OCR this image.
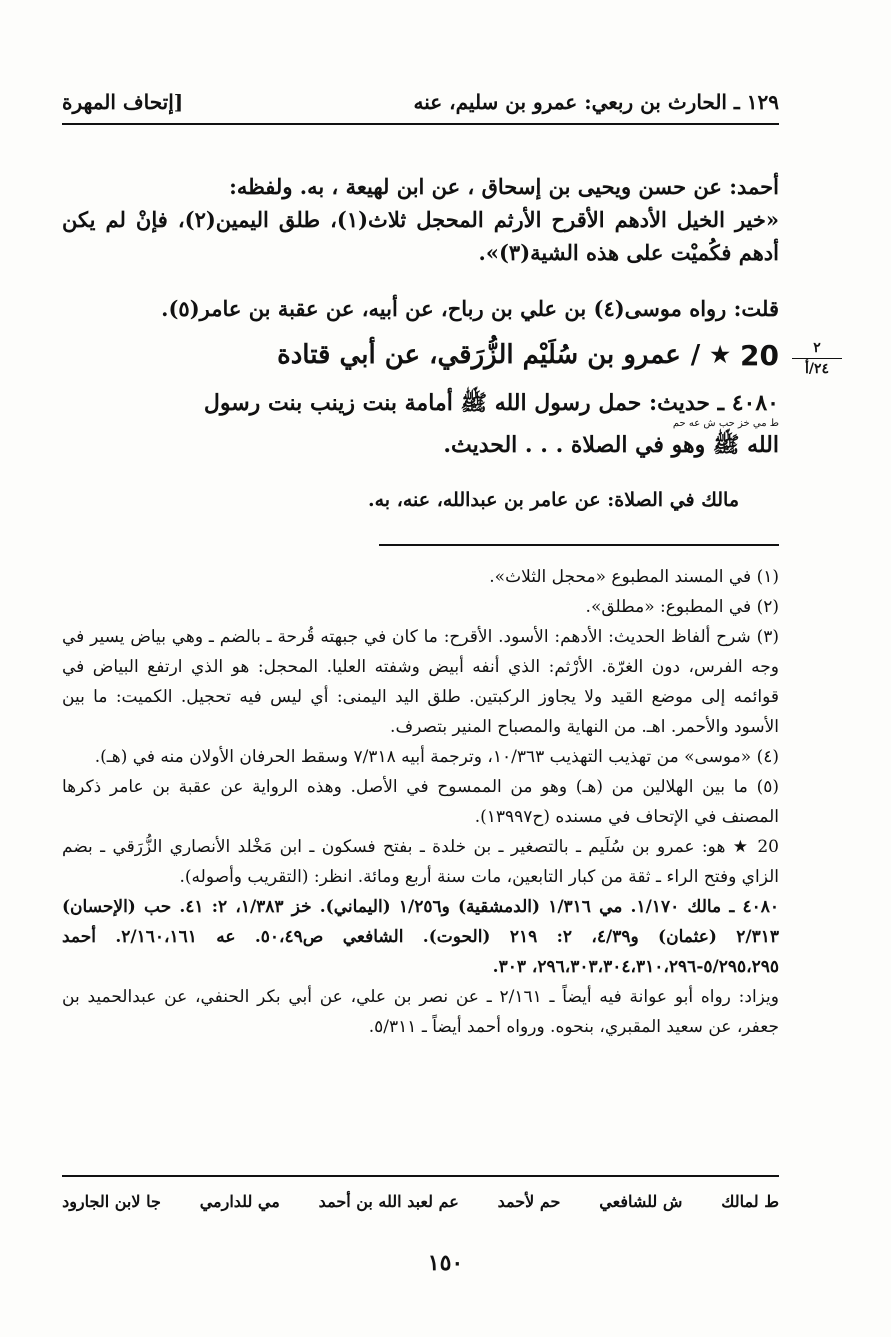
١٢٩ ـ الحارث بن ربعي: عمرو بن سليم، عنه
[إتحاف المهرة
أحمد: عن حسن ويحيى بن إسحاق ، عن ابن لهيعة ، به. ولفظه:
«خير الخيل الأدهم الأقرح الأرثم المحجل ثلاث(١)، طلق اليمين(٢)، فإنْ لم يكن أدهم فكُميْت على هذه الشية(٣)».
قلت: رواه موسى(٤) بن علي بن رباح، عن أبيه، عن عقبة بن عامر(٥).
20
★
/
عمرو بن سُلَيْم الزُّرَقي، عن أبي قتادة	٢
٢٤/أ
٤٠٨٠ ـ حديث: حمل رسول الله ﷺ أمامة بنت زينب بنت رسول
ط مي خز حب ش عه حم
الله ﷺ وهو في الصلاة . . . الحديث.
مالك في الصلاة: عن عامر بن عبدالله، عنه، به.

(١) في المسند المطبوع «محجل الثلاث».

(٢) في المطبوع: «مطلق».

(٣) شرح ألفاظ الحديث: الأدهم: الأسود. الأقرح: ما كان في جبهته قُرحة ـ بالضم ـ وهي بياض يسير في وجه الفرس، دون الغرّة. الأرْثم: الذي أنفه أبيض وشفته العليا. المحجل: هو الذي ارتفع البياض في قوائمه إلى موضع القيد ولا يجاوز الركبتين. طلق اليد اليمنى: أي ليس فيه تحجيل. الكميت: ما بين الأسود والأحمر. اهـ. من النهاية والمصباح المنير بتصرف.

(٤) «موسى» من تهذيب التهذيب ١٠/٣٦٣، وترجمة أبيه ٧/٣١٨ وسقط الحرفان الأولان منه في (هـ).

(٥) ما بين الهلالين من (هـ) وهو من الممسوح في الأصل. وهذه الرواية عن عقبة بن عامر ذكرها المصنف في الإتحاف في مسنده (ح١٣٩٩٧).

20 ★ هو: عمرو بن سُلَيم ـ بالتصغير ـ بن خلدة ـ بفتح فسكون ـ ابن مَخْلد الأنصاري الزُّرَقي ـ بضم الزاي وفتح الراء ـ ثقة من كبار التابعين، مات سنة أربع ومائة. انظر: (التقريب وأصوله).

٤٠٨٠ ـ مالك ١/١٧٠. مي ١/٣١٦ (الدمشقية) و١/٢٥٦ (اليماني). خز ١/٣٨٣، ٢: ٤١. حب (الإحسان) ٢/٣١٣ (عثمان) و٤/٣٩، ٢: ٢١٩ (الحوت). الشافعي ص٥٠،٤٩. عه ٢/١٦٠،١٦١. أحمد ٥/٢٩٥،٢٩٥-٢٩٦،٣٠٣،٣٠٤،٣١٠،٢٩٦، ٣٠٣.

ويزاد: رواه أبو عوانة فيه أيضاً ـ ٢/١٦١ ـ عن نصر بن علي، عن أبي بكر الحنفي، عن عبدالحميد بن جعفر، عن سعيد المقبري، بنحوه. ورواه أحمد أيضاً ـ ٥/٣١١.

ط لمالك
ش للشافعي
حم لأحمد
عم لعبد الله بن أحمد
مي للدارمي
جا لابن الجارود
١٥٠
